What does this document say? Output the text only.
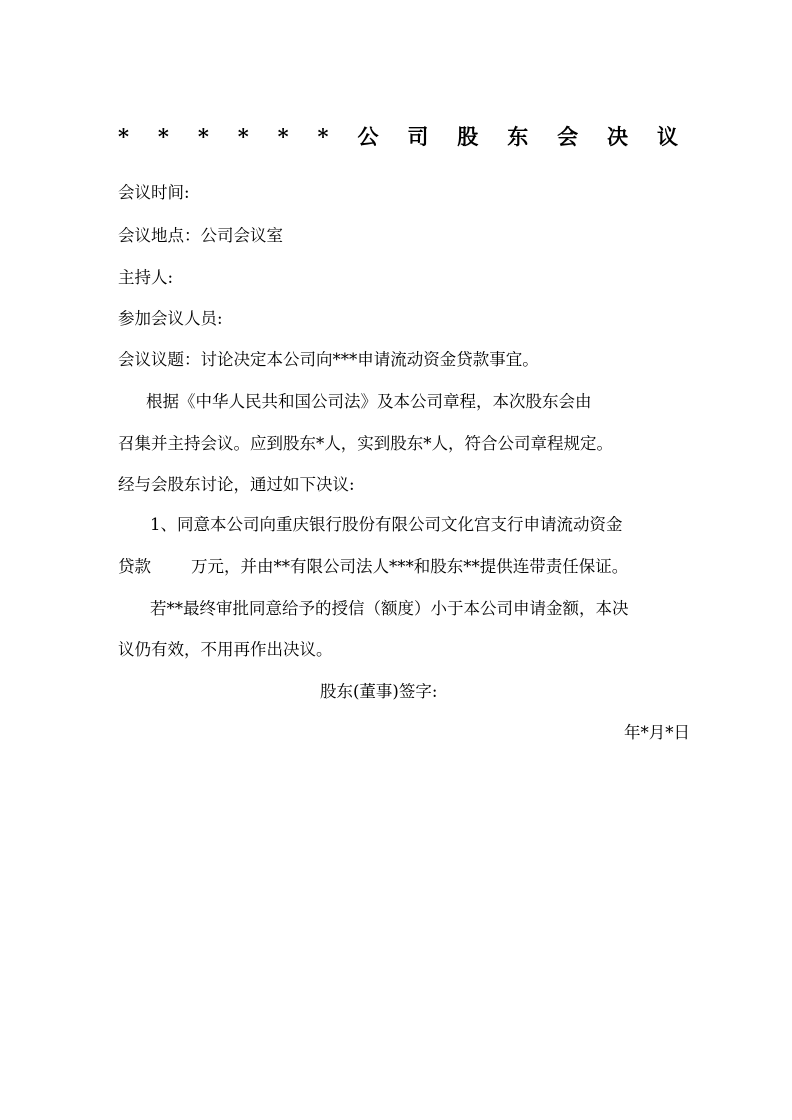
* * * * * * 公 司 股 东 会 决 议
会议时间:
会议地点：公司会议室
主持人:
参加会议人员:
会议议题：讨论决定本公司向***申请流动资金贷款事宜。
根据《中华人民共和国公司法》及本公司章程，本次股东会由
召集并主持会议。应到股东*人，实到股东*人，符合公司章程规定。
经与会股东讨论，通过如下决议:
1、同意本公司向重庆银行股份有限公司文化宫支行申请流动资金
贷款 万元，并由**有限公司法人***和股东**提供连带责任保证。
若**最终审批同意给予的授信（额度）小于本公司申请金额，本决
议仍有效，不用再作出决议。
股东(董事)签字:
年*月*日
